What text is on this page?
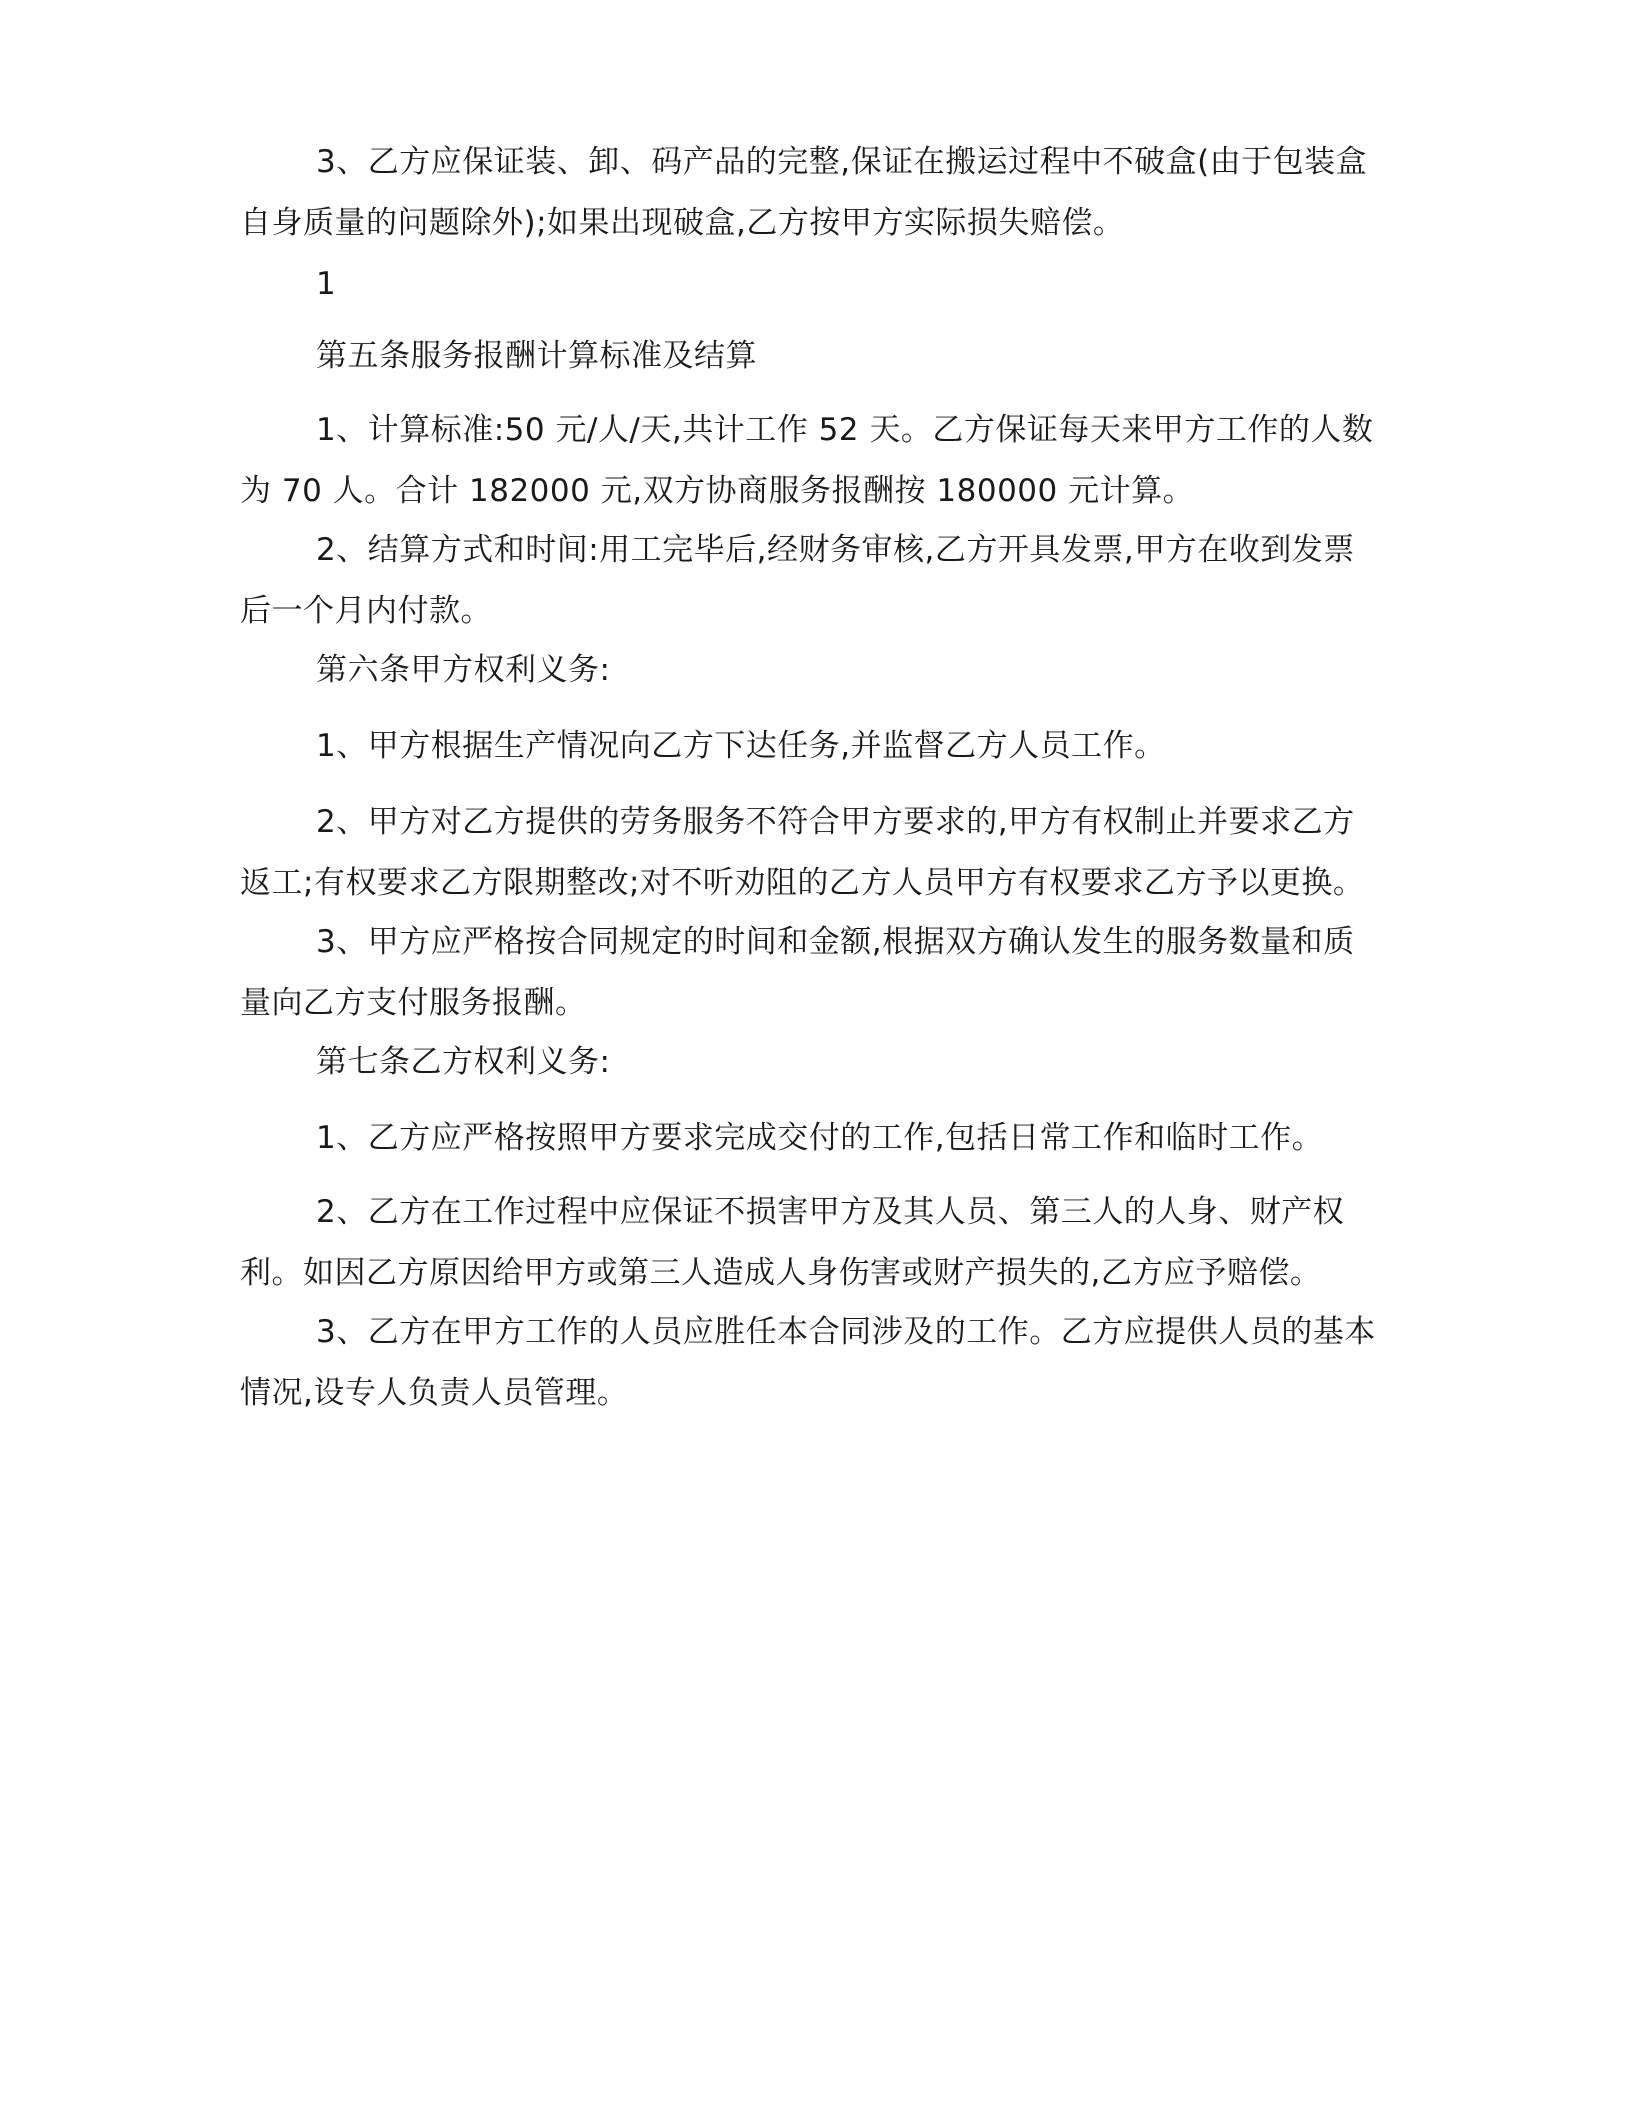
3、乙方应保证装、卸、码产品的完整,保证在搬运过程中不破盒(由于包装盒
自身质量的问题除外);如果出现破盒,乙方按甲方实际损失赔偿。
1
第五条服务报酬计算标准及结算
1、计算标准:50 元/人/天,共计工作 52 天。乙方保证每天来甲方工作的人数
为 70 人。合计 182000 元,双方协商服务报酬按 180000 元计算。
2、结算方式和时间:用工完毕后,经财务审核,乙方开具发票,甲方在收到发票
后一个月内付款。
第六条甲方权利义务:
1、甲方根据生产情况向乙方下达任务,并监督乙方人员工作。
2、甲方对乙方提供的劳务服务不符合甲方要求的,甲方有权制止并要求乙方
返工;有权要求乙方限期整改;对不听劝阻的乙方人员甲方有权要求乙方予以更换。
3、甲方应严格按合同规定的时间和金额,根据双方确认发生的服务数量和质
量向乙方支付服务报酬。
第七条乙方权利义务:
1、乙方应严格按照甲方要求完成交付的工作,包括日常工作和临时工作。
2、乙方在工作过程中应保证不损害甲方及其人员、第三人的人身、财产权
利。如因乙方原因给甲方或第三人造成人身伤害或财产损失的,乙方应予赔偿。
3、乙方在甲方工作的人员应胜任本合同涉及的工作。乙方应提供人员的基本
情况,设专人负责人员管理。
